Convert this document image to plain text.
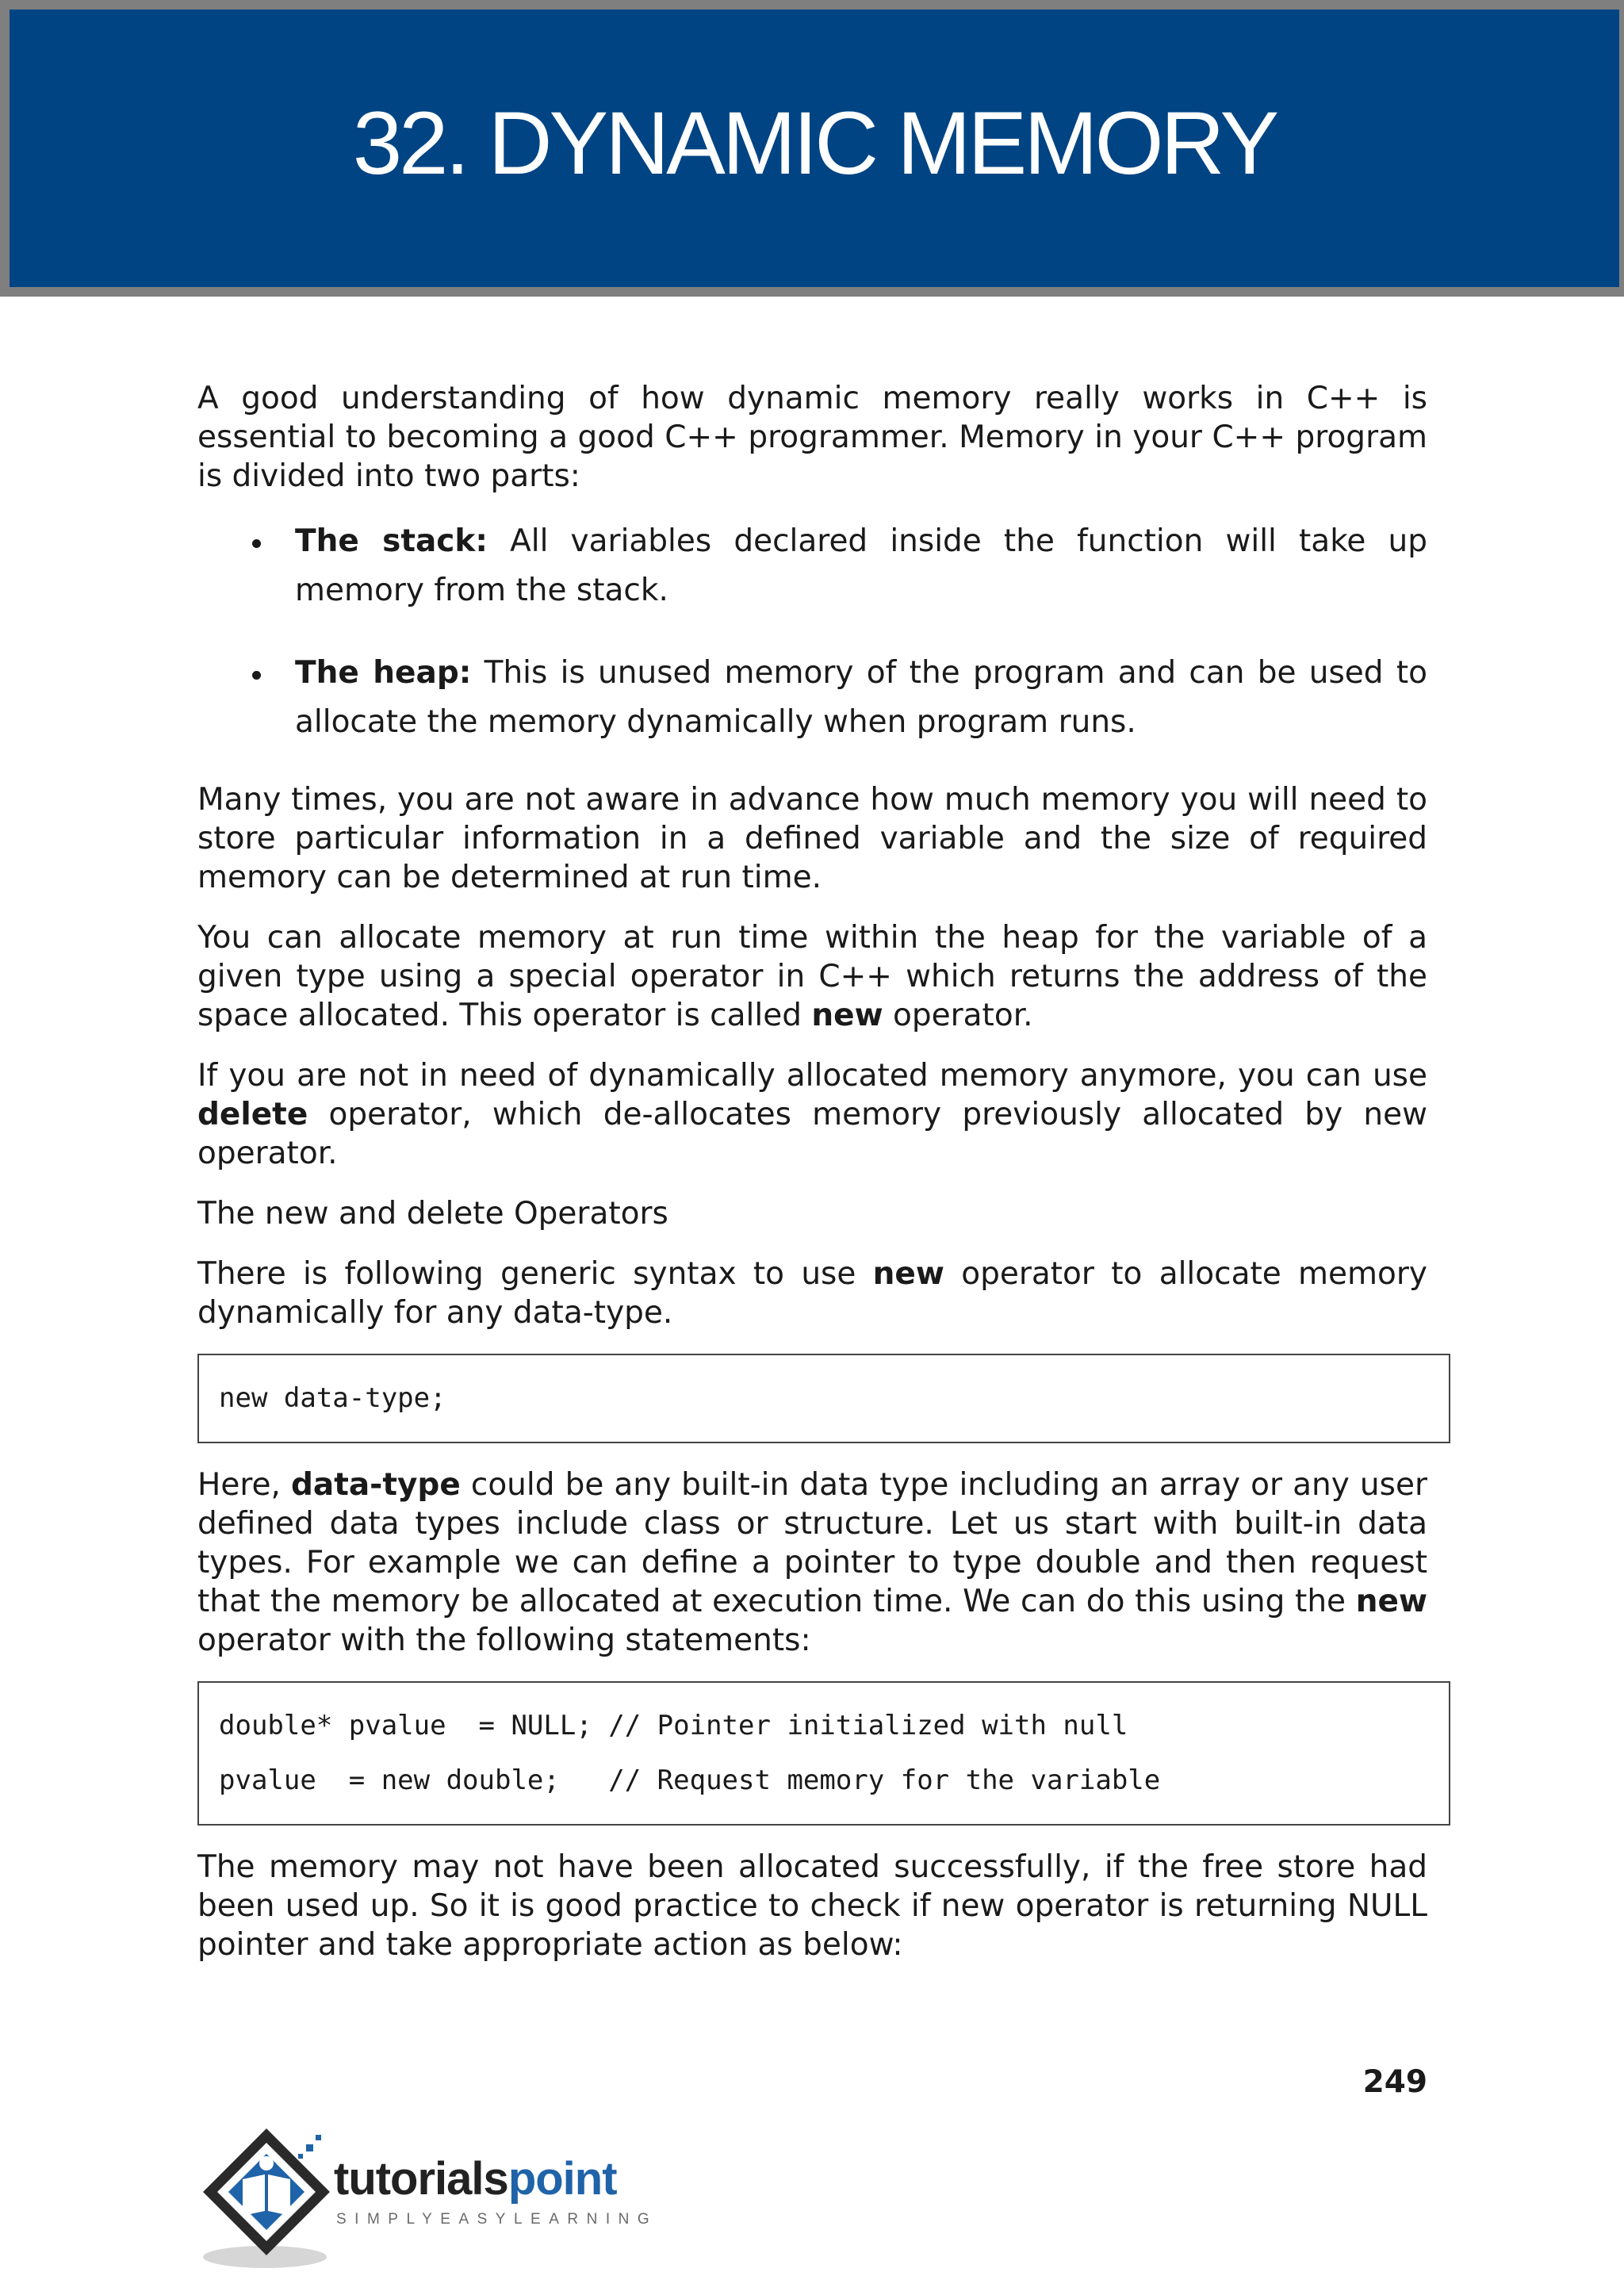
32. DYNAMIC MEMORY

A good understanding of how dynamic memory really works in C++ is essential to becoming a good C++ programmer. Memory in your C++ program is divided into two parts:

The stack: All variables declared inside the function will take up memory from the stack.
The heap: This is unused memory of the program and can be used to allocate the memory dynamically when program runs.

Many times, you are not aware in advance how much memory you will need to store particular information in a defined variable and the size of required memory can be determined at run time.

You can allocate memory at run time within the heap for the variable of a given type using a special operator in C++ which returns the address of the space allocated. This operator is called new operator.

If you are not in need of dynamically allocated memory anymore, you can use delete operator, which de-allocates memory previously allocated by new operator.

The new and delete Operators

There is following generic syntax to use new operator to allocate memory dynamically for any data-type.

new data-type;

Here, data-type could be any built-in data type including an array or any user defined data types include class or structure. Let us start with built-in data types. For example we can define a pointer to type double and then request that the memory be allocated at execution time. We can do this using the new operator with the following statements:

double* pvalue  = NULL; // Pointer initialized with null
pvalue  = new double;   // Request memory for the variable

The memory may not have been allocated successfully, if the free store had been used up. So it is good practice to check if new operator is returning NULL pointer and take appropriate action as below:

249
tutorialspoint
SIMPLYEASYLEARNING
